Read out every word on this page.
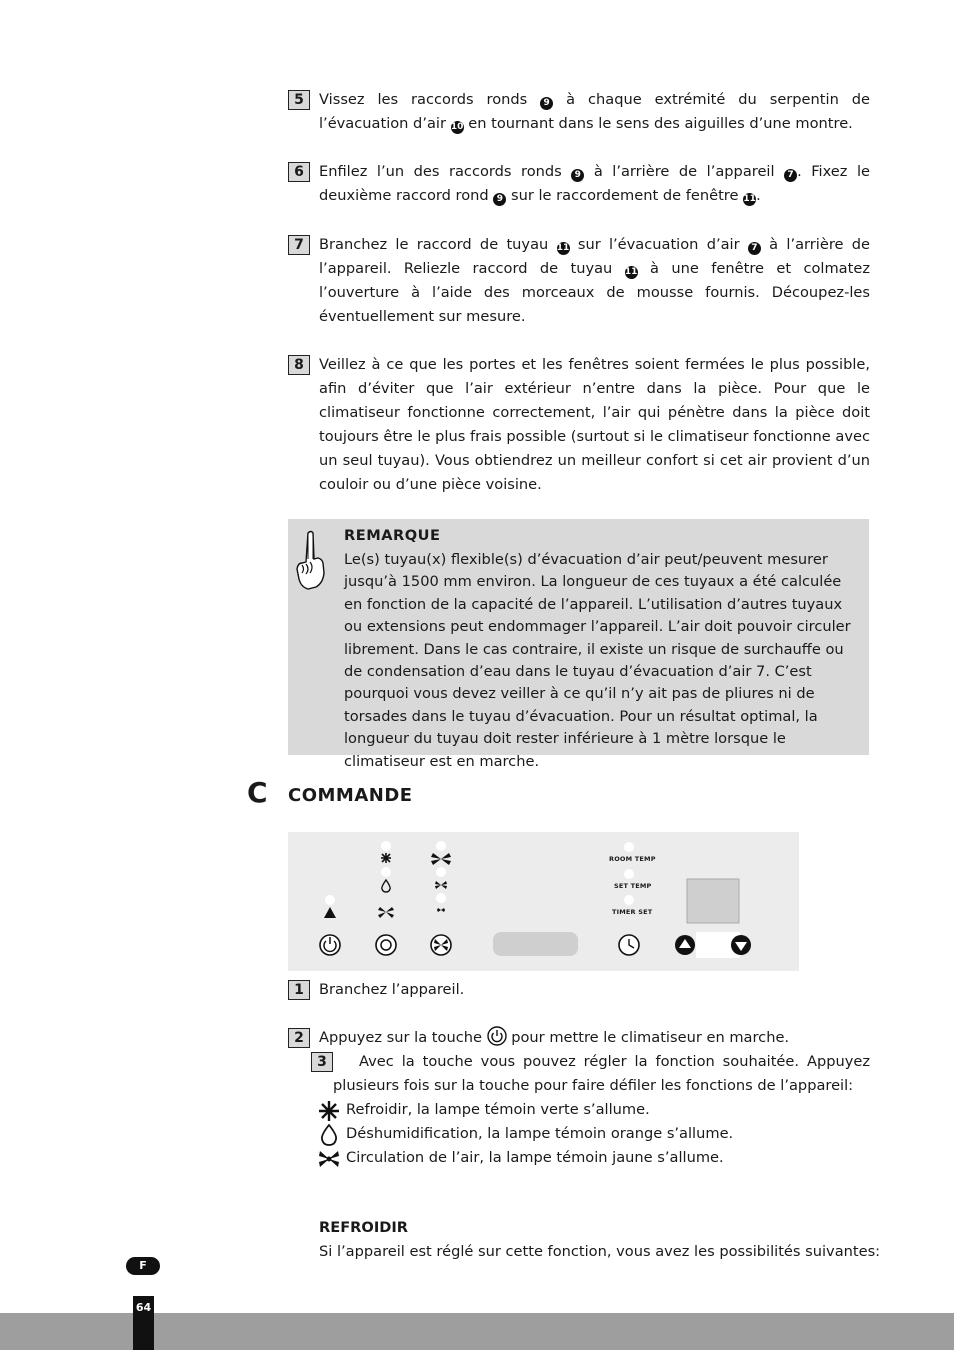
5	Vissez les raccords ronds 9 à chaque extrémité du serpentin de l’évacuation d’air 10 en tournant dans le sens des aiguilles d’une montre.
6	Enfilez l’un des raccords ronds 9 à l’arrière de l’appareil 7 . Fixez le deuxième raccord rond 9 sur le raccordement de fenêtre 11.
7	Branchez le raccord de tuyau 11 sur l’évacuation d’air 7 à l’arrière de l’appareil. Reliezle raccord de tuyau 11 à une fenêtre et colmatez l’ouverture à l’aide des morceaux de mousse fournis. Découpez-les éventuellement sur mesure.
8	Veillez à ce que les portes et les fenêtres soient fermées le plus possible, afin d’éviter que l’air extérieur n’entre dans la pièce. Pour que le climatiseur fonctionne correctement, l’air qui pénètre dans la pièce doit toujours être le plus frais possible (surtout si le climatiseur fonctionne avec un seul tuyau). Vous obtiendrez un meilleur confort si cet air provient d’un couloir ou d’une pièce voisine.
REMARQUE
Le(s) tuyau(x) flexible(s) d’évacuation d’air peut/peuvent mesurer jusqu’à 1500 mm environ. La longueur de ces tuyaux a été calculée en fonction de la capacité de l’appareil. L’utilisation d’autres tuyaux ou extensions peut endommager l’appareil. L’air doit pouvoir circuler librement. Dans le cas contraire, il existe un risque de surchauffe ou de condensation d’eau dans le tuyau d’évacuation d’air 7. C’est pourquoi vous devez veiller à ce qu’il n’y ait pas de pliures ni de torsades dans le tuyau d’évacuation. Pour un résultat optimal, la longueur du tuyau doit rester inférieure à 1 mètre lorsque le climatiseur est en marche.
C COMMANDE
ROOM TEMP
SET TEMP
TIMER SET
1	Branchez l’appareil.
2	Appuyez sur la touche  pour mettre le climatiseur en marche.
3	Avec la touche vous pouvez régler la fonction souhaitée. Appuyez plusieurs fois sur la touche pour faire défiler les fonctions de l’appareil:
Refroidir, la lampe témoin verte s’allume.
Déshumidification, la lampe témoin orange s’allume.
Circulation de l’air, la lampe témoin jaune s’allume.
REFROIDIR
Si l’appareil est réglé sur cette fonction, vous avez les possibilités suivantes:
F
64
